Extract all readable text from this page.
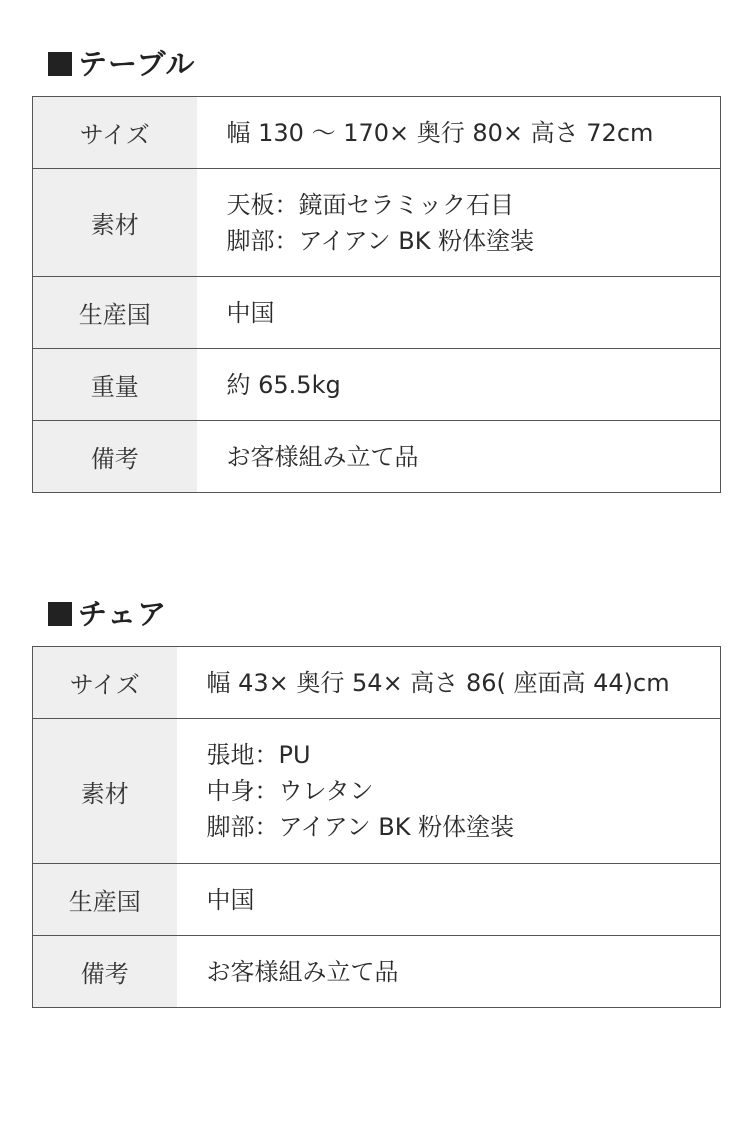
テーブル
サイズ	幅 130 〜 170× 奥行 80× 高さ 72cm

素材	天板：鏡面セラミック石目
脚部：アイアン BK 粉体塗装

生産国	中国

重量	約 65.5kg

備考	お客様組み立て品
チェア
サイズ	幅 43× 奥行 54× 高さ 86( 座面高 44)cm

素材	張地：PU
中身：ウレタン
脚部：アイアン BK 粉体塗装

生産国	中国

備考	お客様組み立て品
